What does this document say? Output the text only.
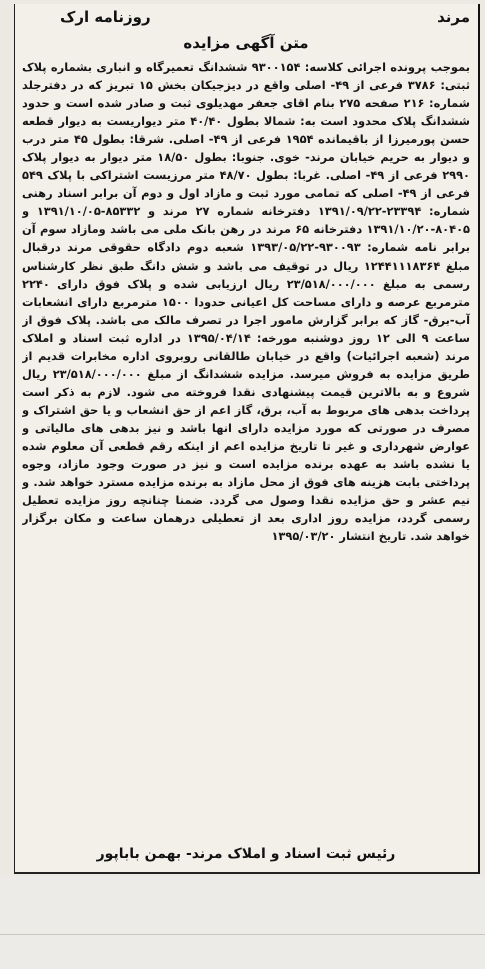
مرند
روزنامه ارک
متن آگهی مزایده
بموجب پرونده اجرائی کلاسه: ۹۳۰۰۱۵۴ ششدانگ تعمیرگاه و انباری بشماره پلاک ثبتی: ۳۷۸۶ فرعی از ۴۹- اصلی واقع در دیزجیکان بخش ۱۵ تبریز که در دفترجلد شماره: ۲۱۶ صفحه ۲۷۵ بنام اقای جعفر مهدیلوی ثبت و صادر شده است و حدود ششدانگ پلاک محدود است به: شمالا بطول ۴۰/۴۰ متر دیواریست به دیوار قطعه حسن پورمیرزا از باقیمانده ۱۹۵۴ فرعی از ۴۹- اصلی. شرقا: بطول ۴۵ متر درب و دیوار به حریم خیابان مرند- خوی. جنوبا: بطول ۱۸/۵۰ متر دیوار به دیوار پلاک ۲۹۹۰ فرعی از ۴۹- اصلی. غربا: بطول ۴۸/۷۰ متر مرزیست اشتراکی با پلاک ۵۴۹ فرعی از ۴۹- اصلی که تمامی مورد ثبت و مازاد اول و دوم آن برابر اسناد رهنی شماره: ۲۳۳۹۴-۱۳۹۱/۰۹/۲۲ دفترخانه شماره ۲۷ مرند و ۸۵۳۳۲-۱۳۹۱/۱۰/۰۵ و ۸۰۴۰۵-۱۳۹۱/۱۰/۲۰ دفترخانه ۶۵ مرند در رهن بانک ملی می باشد ومازاد سوم آن برابر نامه شماره: ۹۳۰۰۹۳-۱۳۹۳/۰۵/۲۲ شعبه دوم دادگاه حقوقی مرند درقبال مبلغ ۱۲۴۴۱۱۱۸۳۶۴ ریال در توقیف می باشد و شش دانگ طبق نظر کارشناس رسمی به مبلغ ۲۳/۵۱۸/۰۰۰/۰۰۰ ریال ارزیابی شده و پلاک فوق دارای ۲۲۴۰ مترمربع عرصه و دارای مساحت کل اعیانی حدودا ۱۵۰۰ مترمربع دارای انشعابات آب-برق- گاز که برابر گزارش مامور اجرا در تصرف مالک می باشد. پلاک فوق از ساعت ۹ الی ۱۲ روز دوشنبه مورخه: ۱۳۹۵/۰۴/۱۴ در اداره ثبت اسناد و املاک مرند (شعبه اجرائیات) واقع در خیابان طالقانی روبروی اداره مخابرات قدیم از طریق مزایده به فروش میرسد. مزایده ششدانگ از مبلغ ۲۳/۵۱۸/۰۰۰/۰۰۰ ریال شروع و به بالاترین قیمت پیشنهادی نقدا فروخته می شود. لازم به ذکر است پرداخت بدهی های مربوط به آب، برق، گاز اعم از حق انشعاب و یا حق اشتراک و مصرف در صورتی که مورد مزایده دارای انها باشد و نیز بدهی های مالیاتی و عوارض شهرداری و غیر تا تاریخ مزایده اعم از اینکه رقم قطعی آن معلوم شده یا نشده باشد به عهده برنده مزایده است و نیز در صورت وجود مازاد، وجوه پرداختی بابت هزینه های فوق از محل مازاد به برنده مزایده مسترد خواهد شد. و نیم عشر و حق مزایده نقدا وصول می گردد. ضمنا چنانچه روز مزایده تعطیل رسمی گردد، مزایده روز اداری بعد از تعطیلی درهمان ساعت و مکان برگزار خواهد شد. تاریخ انتشار ۱۳۹۵/۰۳/۲۰
رئیس ثبت اسناد و املاک مرند- بهمن باباپور
